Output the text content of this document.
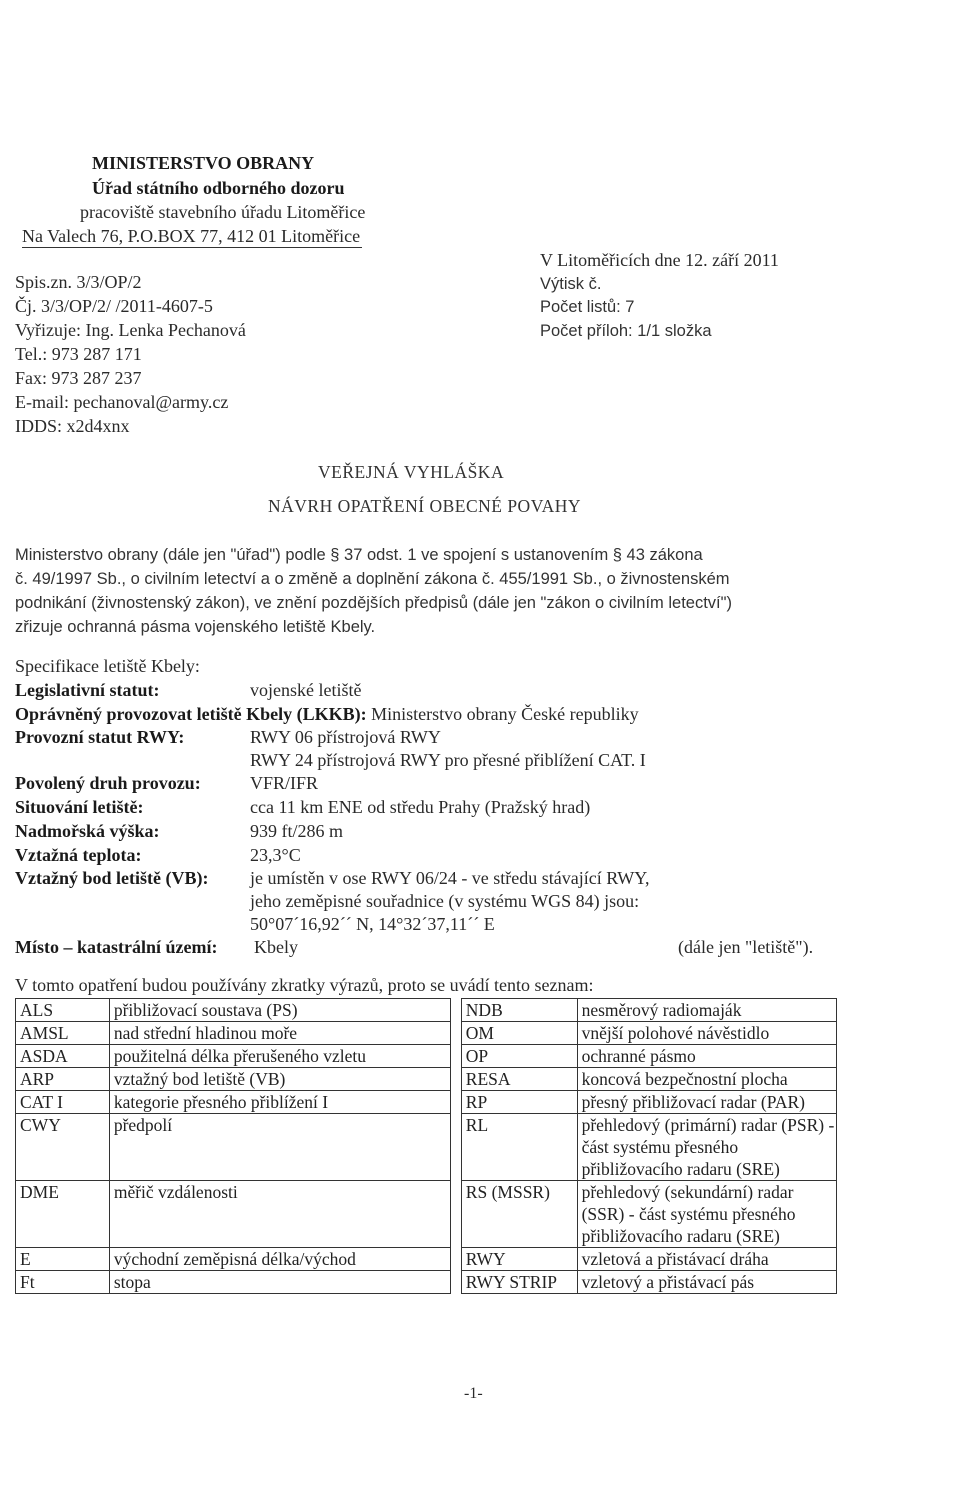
MINISTERSTVO OBRANY
Úřad státního odborného dozoru
pracoviště stavebního úřadu Litoměřice
Na Valech 76, P.O.BOX 77, 412 01 Litoměřice
Spis.zn. 3/3/OP/2
Čj. 3/3/OP/2/ /2011-4607-5
Vyřizuje: Ing. Lenka Pechanová
Tel.: 973 287 171
Fax: 973 287 237
E-mail: pechanoval@army.cz
IDDS: x2d4xnx
V Litoměřicích dne 12. září 2011
Výtisk č.
Počet listů: 7
Počet příloh: 1/1 složka
VEŘEJNÁ VYHLÁŠKA
NÁVRH OPATŘENÍ OBECNÉ POVAHY
Ministerstvo obrany (dále jen "úřad") podle § 37 odst. 1 ve spojení s ustanovením § 43 zákona
č. 49/1997 Sb., o civilním letectví a o změně a doplnění zákona č. 455/1991 Sb., o živnostenském
podnikání (živnostenský zákon), ve znění pozdějších předpisů (dále jen "zákon o civilním letectví")
zřizuje ochranná pásma vojenského letiště Kbely.
Specifikace letiště Kbely:
Legislativní statut:	vojenské letiště
Oprávněný provozovat letiště Kbely (LKKB): Ministerstvo obrany České republiky
Provozní statut RWY:	RWY 06 přístrojová RWY
RWY 24 přístrojová RWY pro přesné přiblížení CAT. I
Povolený druh provozu:	VFR/IFR
Situování letiště:	cca 11 km ENE od středu Prahy (Pražský hrad)
Nadmořská výška:	939 ft/286 m
Vztažná teplota:	23,3°C
Vztažný bod letiště (VB): je umístěn v ose RWY 06/24 - ve středu stávající RWY,
jeho zeměpisné souřadnice (v systému WGS 84) jsou:
50°07´16,92´´ N, 14°32´37,11´´ E
Místo – katastrální území: Kbely	(dále jen "letiště").
V tomto opatření budou používány zkratky výrazů, proto se uvádí tento seznam:
ALS	přibližovací soustava (PS)		NDB	nesměrový radiomaják
AMSL	nad střední hladinou moře		OM	vnější polohové návěstidlo
ASDA	použitelná délka přerušeného vzletu		OP	ochranné pásmo
ARP	vztažný bod letiště (VB)		RESA	koncová bezpečnostní plocha
CAT I	kategorie přesného přiblížení I		RP	přesný přibližovací radar (PAR)
CWY	předpolí		RL	přehledový (primární) radar (PSR) - část systému přesného přibližovacího radaru (SRE)
DME	měřič vzdálenosti		RS (MSSR)	přehledový (sekundární) radar (SSR) - část systému přesného přibližovacího radaru (SRE)
E	východní zeměpisná délka/východ		RWY	vzletová a přistávací dráha
Ft	stopa		RWY STRIP	vzletový a přistávací pás
-1-
